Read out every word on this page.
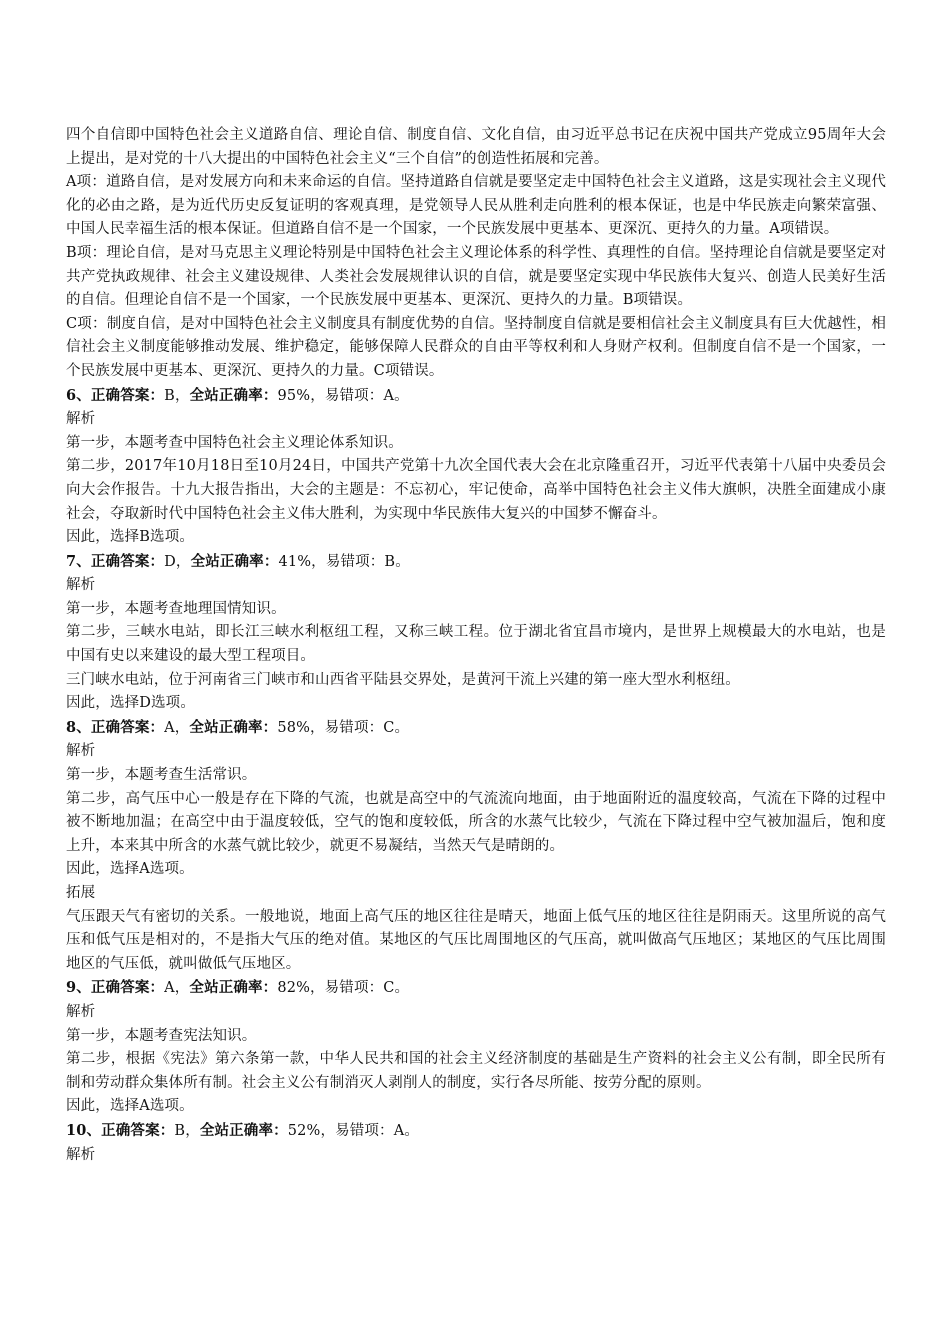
四个自信即中国特色社会主义道路自信、理论自信、制度自信、文化自信，由习近平总书记在庆祝中国共产党成立95周年大会上提出，是对党的十八大提出的中国特色社会主义“三个自信”的创造性拓展和完善。

A项：道路自信，是对发展方向和未来命运的自信。坚持道路自信就是要坚定走中国特色社会主义道路，这是实现社会主义现代化的必由之路，是为近代历史反复证明的客观真理，是党领导人民从胜利走向胜利的根本保证，也是中华民族走向繁荣富强、中国人民幸福生活的根本保证。但道路自信不是一个国家，一个民族发展中更基本、更深沉、更持久的力量。A项错误。

B项：理论自信，是对马克思主义理论特别是中国特色社会主义理论体系的科学性、真理性的自信。坚持理论自信就是要坚定对共产党执政规律、社会主义建设规律、人类社会发展规律认识的自信，就是要坚定实现中华民族伟大复兴、创造人民美好生活的自信。但理论自信不是一个国家，一个民族发展中更基本、更深沉、更持久的力量。B项错误。

C项：制度自信，是对中国特色社会主义制度具有制度优势的自信。坚持制度自信就是要相信社会主义制度具有巨大优越性，相信社会主义制度能够推动发展、维护稳定，能够保障人民群众的自由平等权利和人身财产权利。但制度自信不是一个国家，一个民族发展中更基本、更深沉、更持久的力量。C项错误。

6、正确答案：B，全站正确率：95%，易错项：A。

解析

第一步，本题考查中国特色社会主义理论体系知识。

第二步，2017年10月18日至10月24日，中国共产党第十九次全国代表大会在北京隆重召开，习近平代表第十八届中央委员会向大会作报告。十九大报告指出，大会的主题是：不忘初心，牢记使命，高举中国特色社会主义伟大旗帜，决胜全面建成小康社会，夺取新时代中国特色社会主义伟大胜利，为实现中华民族伟大复兴的中国梦不懈奋斗。

因此，选择B选项。

7、正确答案：D，全站正确率：41%，易错项：B。

解析

第一步，本题考查地理国情知识。

第二步，三峡水电站，即长江三峡水利枢纽工程，又称三峡工程。位于湖北省宜昌市境内，是世界上规模最大的水电站，也是中国有史以来建设的最大型工程项目。

三门峡水电站，位于河南省三门峡市和山西省平陆县交界处，是黄河干流上兴建的第一座大型水利枢纽。

因此，选择D选项。

8、正确答案：A，全站正确率：58%，易错项：C。

解析

第一步，本题考查生活常识。

第二步，高气压中心一般是存在下降的气流，也就是高空中的气流流向地面，由于地面附近的温度较高，气流在下降的过程中被不断地加温；在高空中由于温度较低，空气的饱和度较低，所含的水蒸气比较少，气流在下降过程中空气被加温后，饱和度上升，本来其中所含的水蒸气就比较少，就更不易凝结，当然天气是晴朗的。

因此，选择A选项。

拓展

气压跟天气有密切的关系。一般地说，地面上高气压的地区往往是晴天，地面上低气压的地区往往是阴雨天。这里所说的高气压和低气压是相对的，不是指大气压的绝对值。某地区的气压比周围地区的气压高，就叫做高气压地区；某地区的气压比周围地区的气压低，就叫做低气压地区。

9、正确答案：A，全站正确率：82%，易错项：C。

解析

第一步，本题考查宪法知识。

第二步，根据《宪法》第六条第一款，中华人民共和国的社会主义经济制度的基础是生产资料的社会主义公有制，即全民所有制和劳动群众集体所有制。社会主义公有制消灭人剥削人的制度，实行各尽所能、按劳分配的原则。

因此，选择A选项。

10、正确答案：B，全站正确率：52%，易错项：A。

解析
